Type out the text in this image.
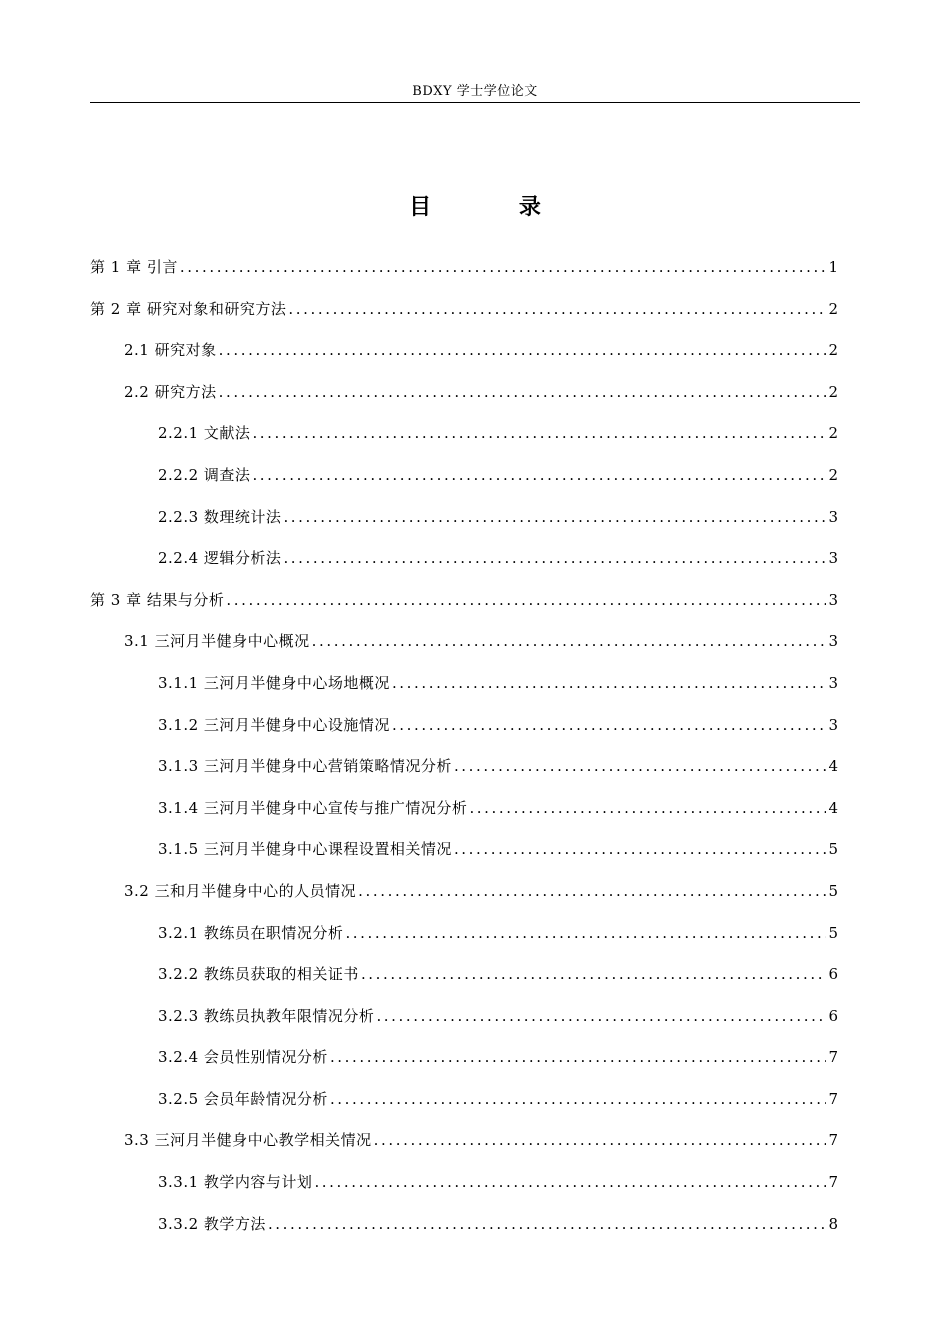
BDXY 学士学位论文
目 录
第 1 章 引言 .....	1
第 2 章 研究对象和研究方法 .....	2
2.1 研究对象 .....	2
2.2 研究方法 .....	2
2.2.1 文献法 .....	2
2.2.2 调查法 .....	2
2.2.3 数理统计法 .....	3
2.2.4 逻辑分析法 .....	3
第 3 章 结果与分析 .....	3
3.1 三河月半健身中心概况 .....	3
3.1.1 三河月半健身中心场地概况 .....	3
3.1.2 三河月半健身中心设施情况 .....	3
3.1.3 三河月半健身中心营销策略情况分析 .....	4
3.1.4 三河月半健身中心宣传与推广情况分析 .....	4
3.1.5 三河月半健身中心课程设置相关情况 .....	5
3.2 三和月半健身中心的人员情况 .....	5
3.2.1 教练员在职情况分析 .....	5
3.2.2 教练员获取的相关证书 .....	6
3.2.3 教练员执教年限情况分析 .....	6
3.2.4 会员性别情况分析 .....	7
3.2.5 会员年龄情况分析 .....	7
3.3 三河月半健身中心教学相关情况 .....	7
3.3.1 教学内容与计划 .....	7
3.3.2 教学方法 .....	8
